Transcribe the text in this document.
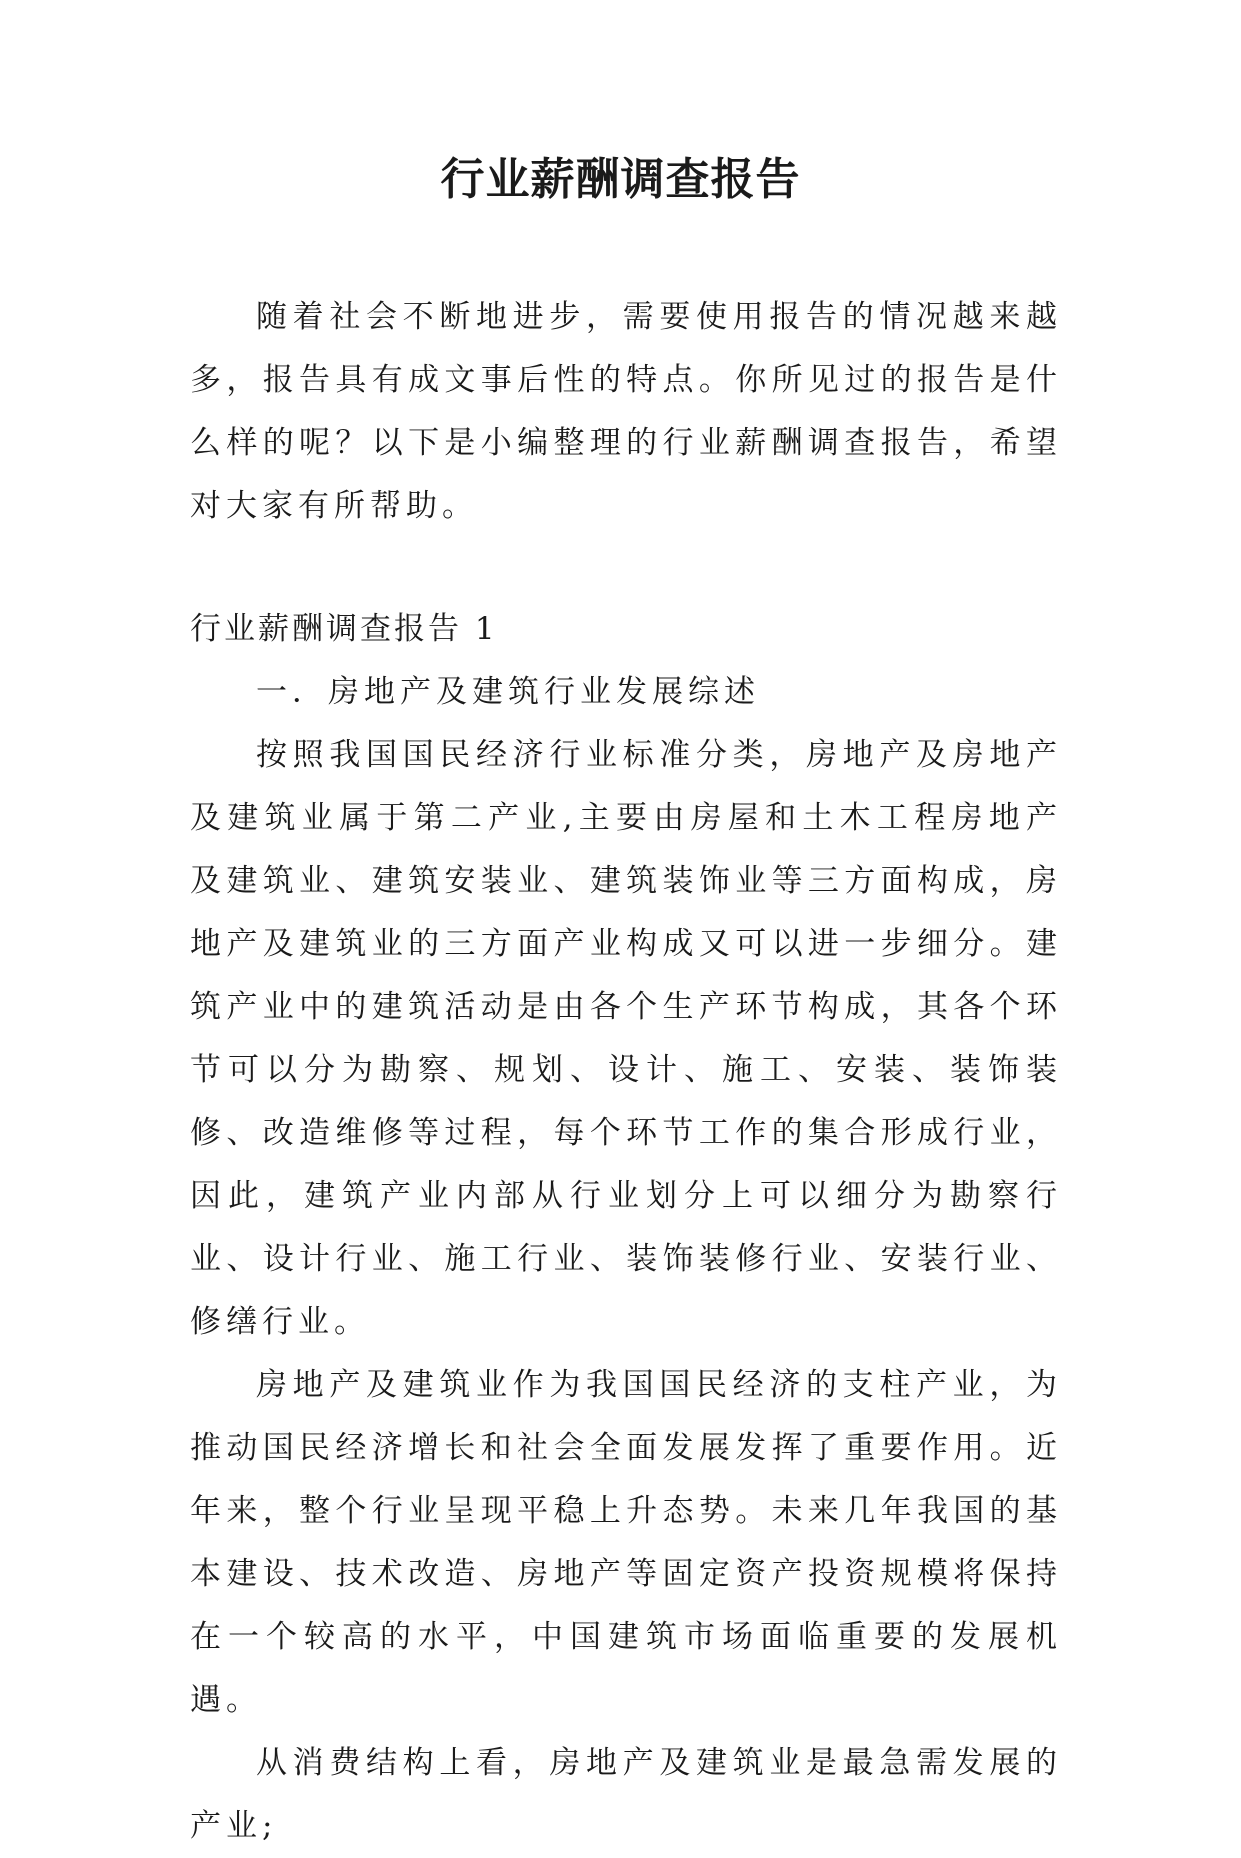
行业薪酬调查报告

随着社会不断地进步，需要使用报告的情况越来越多，报告具有成文事后性的特点。你所见过的报告是什么样的呢？以下是小编整理的行业薪酬调查报告，希望对大家有所帮助。

行业薪酬调查报告 1

一．房地产及建筑行业发展综述

按照我国国民经济行业标准分类，房地产及房地产及建筑业属于第二产业,主要由房屋和土木工程房地产及建筑业、建筑安装业、建筑装饰业等三方面构成，房地产及建筑业的三方面产业构成又可以进一步细分。建筑产业中的建筑活动是由各个生产环节构成，其各个环节可以分为勘察、规划、设计、施工、安装、装饰装修、改造维修等过程，每个环节工作的集合形成行业，因此，建筑产业内部从行业划分上可以细分为勘察行业、设计行业、施工行业、装饰装修行业、安装行业、修缮行业。

房地产及建筑业作为我国国民经济的支柱产业，为推动国民经济增长和社会全面发展发挥了重要作用。近年来，整个行业呈现平稳上升态势。未来几年我国的基本建设、技术改造、房地产等固定资产投资规模将保持在一个较高的水平，中国建筑市场面临重要的发展机遇。

从消费结构上看，房地产及建筑业是最急需发展的产业;
